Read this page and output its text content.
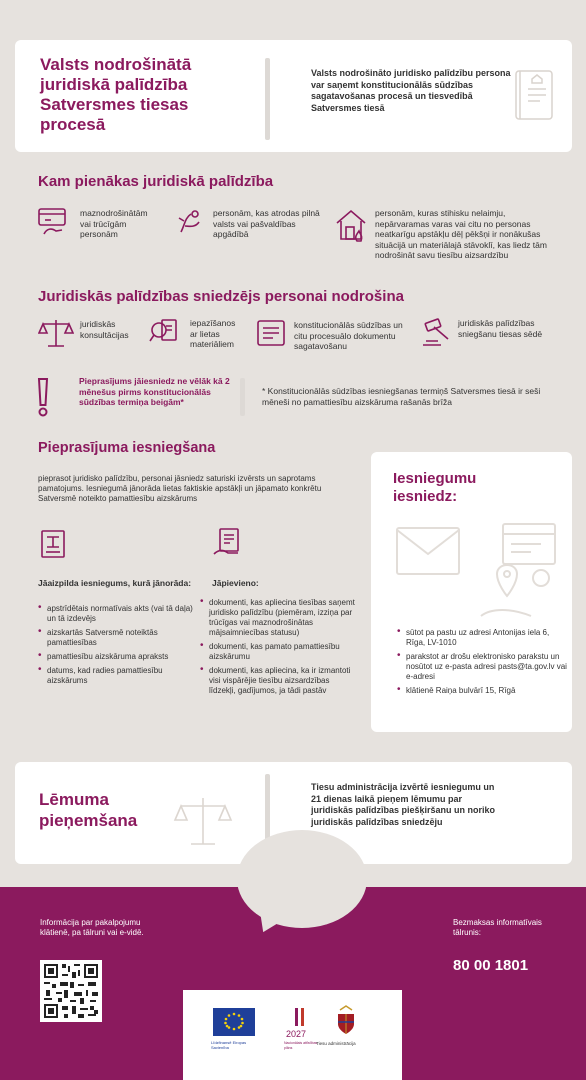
Valsts nodrošinātā juridiskā palīdzība Satversmes tiesas procesā
Valsts nodrošināto juridisko palīdzību persona var saņemt konstitucionālās sūdzības sagatavošanas procesā un tiesvedībā Satversmes tiesā
Kam pienākas juridiskā palīdzība
maznodrošinātām vai trūcīgām personām
personām, kas atrodas pilnā valsts vai pašvaldības apgādībā
personām, kuras stihisku nelaimju, nepārvaramas varas vai citu no personas neatkarīgu apstākļu dēļ pēkšņi ir nonākušas situācijā un materiālajā stāvoklī, kas liedz tām nodrošināt savu tiesību aizsardzību
Juridiskās palīdzības sniedzējs personai nodrošina
juridiskās konsultācijas
iepazīšanos ar lietas materiāliem
konstitucionālās sūdzības un citu procesuālo dokumentu sagatavošanu
juridiskās palīdzības sniegšanu tiesas sēdē
Pieprasījums jāiesniedz ne vēlāk kā 2 mēnešus pirms konstitucionālās sūdzības termiņa beigām*
* Konstitucionālās sūdzības iesniegšanas termiņš Satversmes tiesā ir seši mēneši no pamattiesību aizskāruma rašanās brīža
Pieprasījuma iesniegšana
pieprasot juridisko palīdzību, personai jāsniedz saturiski izvērsts un saprotams pamatojums. Iesniegumā jānorāda lietas faktiskie apstākļi un jāpamato konkrētu Satversmē noteikto pamattiesību aizskārums
Jāaizpilda iesniegums, kurā jānorāda:
• apstrīdētais normatīvais akts (vai tā daļa) un tā izdevējs
• aizskartās Satversmē noteiktās pamattiesības
• pamattiesību aizskāruma apraksts
• datums, kad radies pamattiesību aizskārums
Jāpievieno:
• dokumenti, kas apliecina tiesības saņemt juridisko palīdzību (piemēram, izziņa par trūcīgas vai maznodrošinātas mājsaimniecības statusu)
• dokumenti, kas pamato pamattiesību aizskārumu
• dokumenti, kas apliecina, ka ir izmantoti visi vispārējie tiesību aizsardzības līdzekļi, gadījumos, ja tādi pastāv
Iesniegumu iesniedz:
• sūtot pa pastu uz adresi Antonijas iela 6, Rīga, LV-1010
• parakstot ar drošu elektronisko parakstu un nosūtot uz e-pasta adresi pasts@ta.gov.lv vai e-adresi
• klātienē Raiņa bulvārī 15, Rīgā
Lēmuma pieņemšana
Tiesu administrācija izvērtē iesniegumu un 21 dienas laikā pieņem lēmumu par juridiskās palīdzības piešķiršanu un noriko juridiskās palīdzības sniedzēju
Informācija par pakalpojumu klātienē, pa tālruni vai e-vidē.
Bezmaksas informatīvais tālrunis:
80 00 1801
Līdzfinansē Eiropas Savienība
2027
Nacionālais attīstības plāns
Tiesu administrācija
